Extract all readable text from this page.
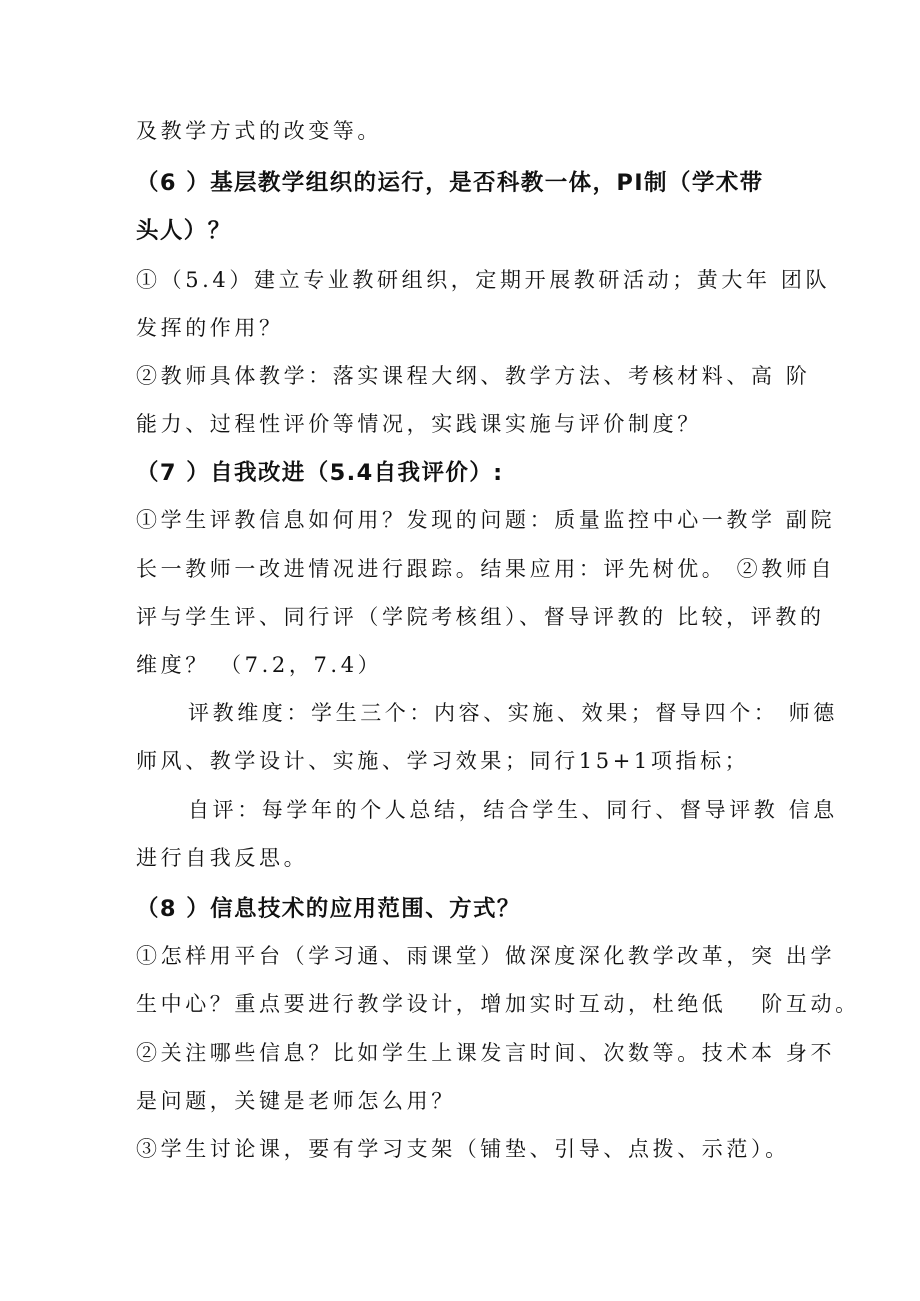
及教学方式的改变等。
（6 ）基层教学组织的运行，是否科教一体，PI制（学术带
头人）？
①（5.4）建立专业教研组织，定期开展教研活动；黄大年 团队
发挥的作用？
②教师具体教学：落实课程大纲、教学方法、考核材料、高 阶
能力、过程性评价等情况，实践课实施与评价制度？
（7 ）自我改进（5.4自我评价）:
①学生评教信息如何用？发现的问题：质量监控中心一教学 副院
长一教师一改进情况进行跟踪。结果应用：评先树优。 ②教师自
评与学生评、同行评（学院考核组）、督导评教的 比较，评教的
维度？ （7.2，7.4）
评教维度：学生三个：内容、实施、效果；督导四个： 师德
师风、教学设计、实施、学习效果；同行15+1项指标；
自评：每学年的个人总结，结合学生、同行、督导评教 信息
进行自我反思。
（8 ）信息技术的应用范围、方式？
①怎样用平台（学习通、雨课堂）做深度深化教学改革，突 出学
生中心？重点要进行教学设计，增加实时互动，杜绝低　 阶互动。
②关注哪些信息？比如学生上课发言时间、次数等。技术本 身不
是问题，关键是老师怎么用？
③学生讨论课，要有学习支架（铺垫、引导、点拨、示范）。
